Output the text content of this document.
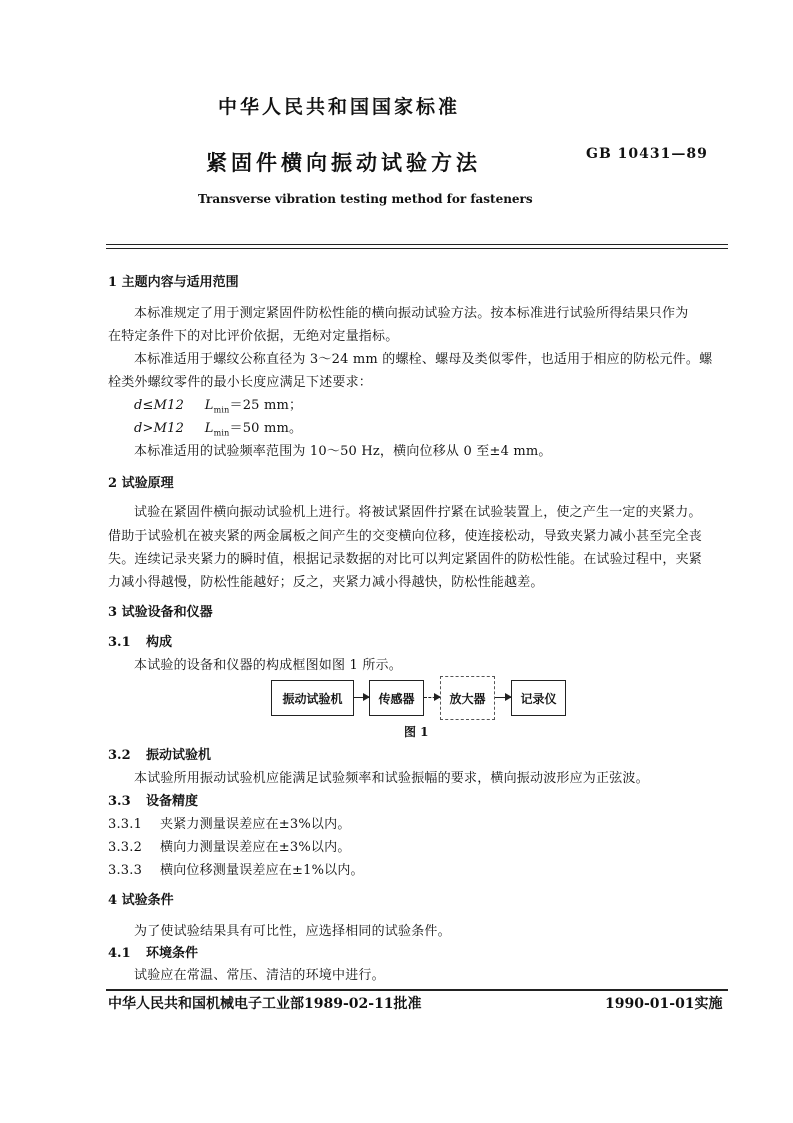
中华人民共和国国家标准
紧固件横向振动试验方法	GB 10431—89
Transverse vibration testing method for fasteners
1 主题内容与适用范围
本标准规定了用于测定紧固件防松性能的横向振动试验方法。按本标准进行试验所得结果只作为
在特定条件下的对比评价依据，无绝对定量指标。
本标准适用于螺纹公称直径为 3～24 mm 的螺栓、螺母及类似零件，也适用于相应的防松元件。螺
栓类外螺纹零件的最小长度应满足下述要求：
d≤M12 $L_{min}=25$ mm；
d>M12 $L_{min}=50$ mm。
本标准适用的试验频率范围为 10～50 Hz，横向位移从 0 至±4 mm。
2 试验原理
试验在紧固件横向振动试验机上进行。将被试紧固件拧紧在试验装置上，使之产生一定的夹紧力。
借助于试验机在被夹紧的两金属板之间产生的交变横向位移，使连接松动，导致夹紧力减小甚至完全丧
失。连续记录夹紧力的瞬时值，根据记录数据的对比可以判定紧固件的防松性能。在试验过程中，夹紧
力减小得越慢，防松性能越好；反之，夹紧力减小得越快，防松性能越差。
3 试验设备和仪器
3.1 构成
本试验的设备和仪器的构成框图如图 1 所示。
振动试验机	传感器	放大器	记录仪
图 1
3.2 振动试验机
本试验所用振动试验机应能满足试验频率和试验振幅的要求，横向振动波形应为正弦波。
3.3 设备精度
3.3.1 夹紧力测量误差应在±3%以内。
3.3.2 横向力测量误差应在±3%以内。
3.3.3 横向位移测量误差应在±1%以内。
4 试验条件
为了使试验结果具有可比性，应选择相同的试验条件。
4.1 环境条件
试验应在常温、常压、清洁的环境中进行。
中华人民共和国机械电子工业部1989-02-11批准	1990-01-01实施
